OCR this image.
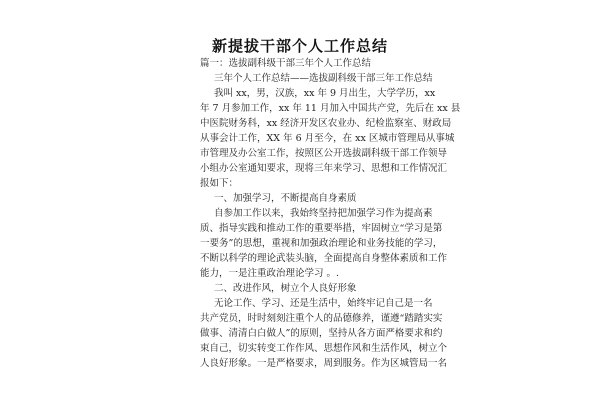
新提拔干部个人工作总结
篇一：选拔副科级干部三年个人工作总结
三年个人工作总结——选拔副科级干部三年工作总结
我叫 xx，男，汉族，xx 年 9 月出生，大学学历，xx
年 7 月参加工作，xx 年 11 月加入中国共产党，先后在 xx 县
中医院财务科，xx 经济开发区农业办、纪检监察室、财政局
从事会计工作，XX 年 6 月至今，在 xx 区城市管理局从事城
市管理及办公室工作，按照区公开选拔副科级干部工作领导
小组办公室通知要求，现将三年来学习、思想和工作情况汇
报如下：
一、加强学习，不断提高自身素质
自参加工作以来，我始终坚持把加强学习作为提高素
质、指导实践和推动工作的重要举措，牢固树立“学习是第
一要务”的思想，重视和加强政治理论和业务技能的学习，
不断以科学的理论武装头脑，全面提高自身整体素质和工作
能力，一是注重政治理论学习 。.
二、改进作风，树立个人良好形象
无论工作、学习、还是生活中，始终牢记自己是一名
共产党员，时时刻刻注重个人的品德修养，谨遵“踏踏实实
做事、清清白白做人”的原则，坚持从各方面严格要求和约
束自己，切实转变工作作风、思想作风和生活作风，树立个
人良好形象。一是严格要求，周到服务。作为区城管局一名
